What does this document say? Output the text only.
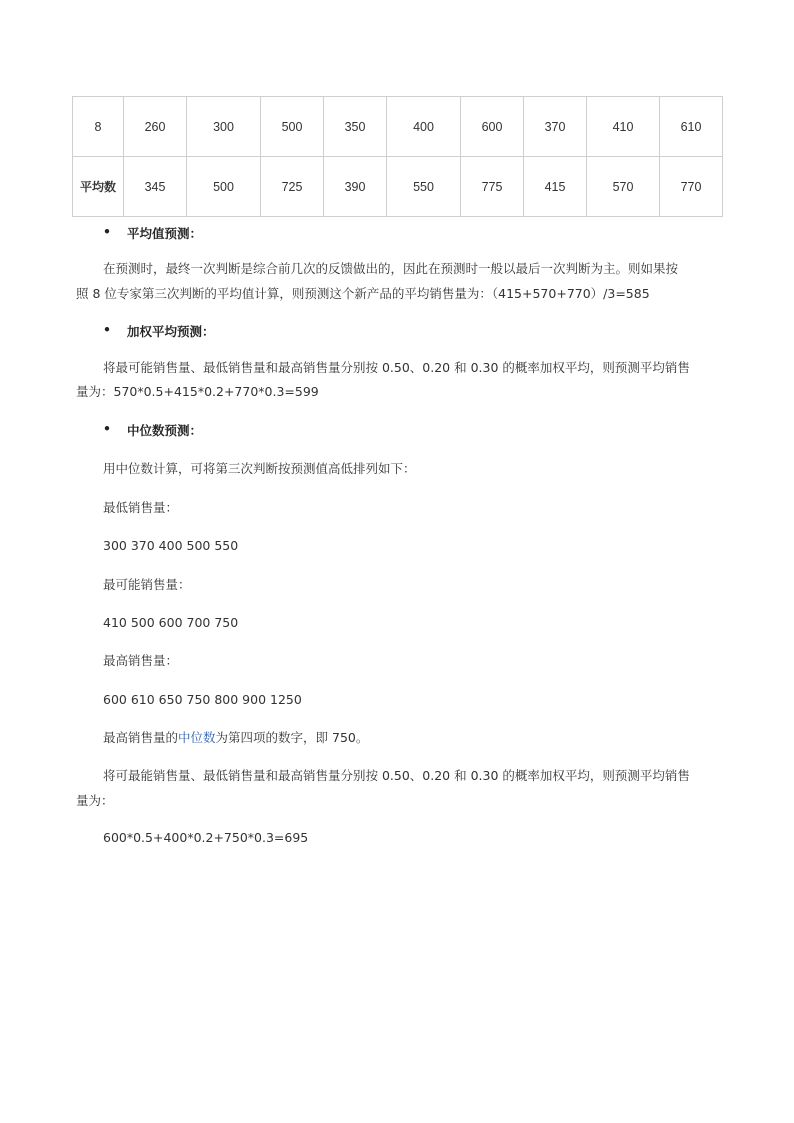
8	260	300	500	350	400	600	370	410	610
平均数	345	500	725	390	550	775	415	570	770
• 平均值预测：
在预测时，最终一次判断是综合前几次的反馈做出的，因此在预测时一般以最后一次判断为主。则如果按
照 8 位专家第三次判断的平均值计算，则预测这个新产品的平均销售量为：（415+570+770）/3=585
• 加权平均预测：
将最可能销售量、最低销售量和最高销售量分别按 0.50、0.20 和 0.30 的概率加权平均，则预测平均销售
量为：570*0.5+415*0.2+770*0.3=599
• 中位数预测：
用中位数计算，可将第三次判断按预测值高低排列如下：
最低销售量：
300 370 400 500 550
最可能销售量：
410 500 600 700 750
最高销售量：
600 610 650 750 800 900 1250
最高销售量的中位数为第四项的数字，即 750。
将可最能销售量、最低销售量和最高销售量分别按 0.50、0.20 和 0.30 的概率加权平均，则预测平均销售
量为：
600*0.5+400*0.2+750*0.3=695
